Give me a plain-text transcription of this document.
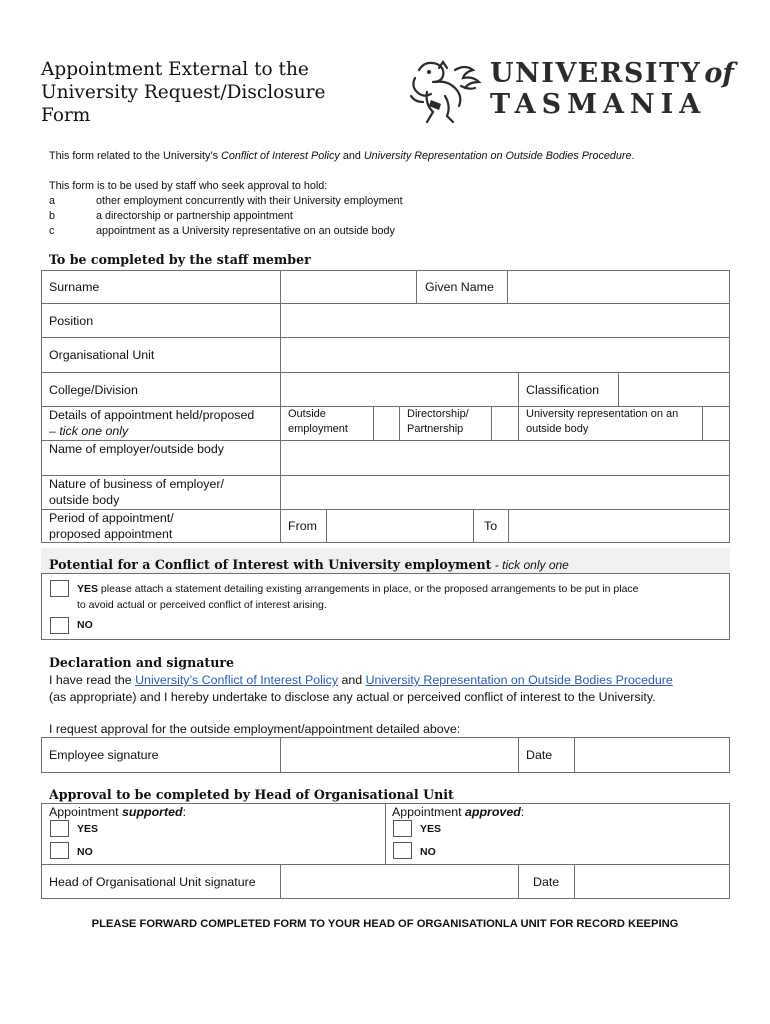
Appointment External to the
University Request/Disclosure
Form
UNIVERSITY of
TASMANIA
This form related to the University’s Conflict of Interest Policy and University Representation on Outside Bodies Procedure.
This form is to be used by staff who seek approval to hold:
a	other employment concurrently with their University employment
b	a directorship or partnership appointment
c	appointment as a University representative on an outside body
To be completed by the staff member
Surname	Given Name
Position
Organisational Unit
College/Division	Classification
Details of appointment held/proposed
– tick one only
Outside
employment
Directorship/
Partnership
University representation on an
outside body
Name of employer/outside body
Nature of business of employer/
outside body
Period of appointment/
proposed appointment
From	To
Potential for a Conflict of Interest with University employment - tick only one
YES please attach a statement detailing existing arrangements in place, or the proposed arrangements to be put in place
to avoid actual or perceived conflict of interest arising.
NO
Declaration and signature
I have read the University’s Conflict of Interest Policy and University Representation on Outside Bodies Procedure
(as appropriate) and I hereby undertake to disclose any actual or perceived conflict of interest to the University.
I request approval for the outside employment/appointment detailed above:
Employee signature	Date
Approval to be completed by Head of Organisational Unit
Appointment supported:
YES
NO
Appointment approved:
YES
NO
Head of Organisational Unit signature	Date
PLEASE FORWARD COMPLETED FORM TO YOUR HEAD OF ORGANISATIONLA UNIT FOR RECORD KEEPING
